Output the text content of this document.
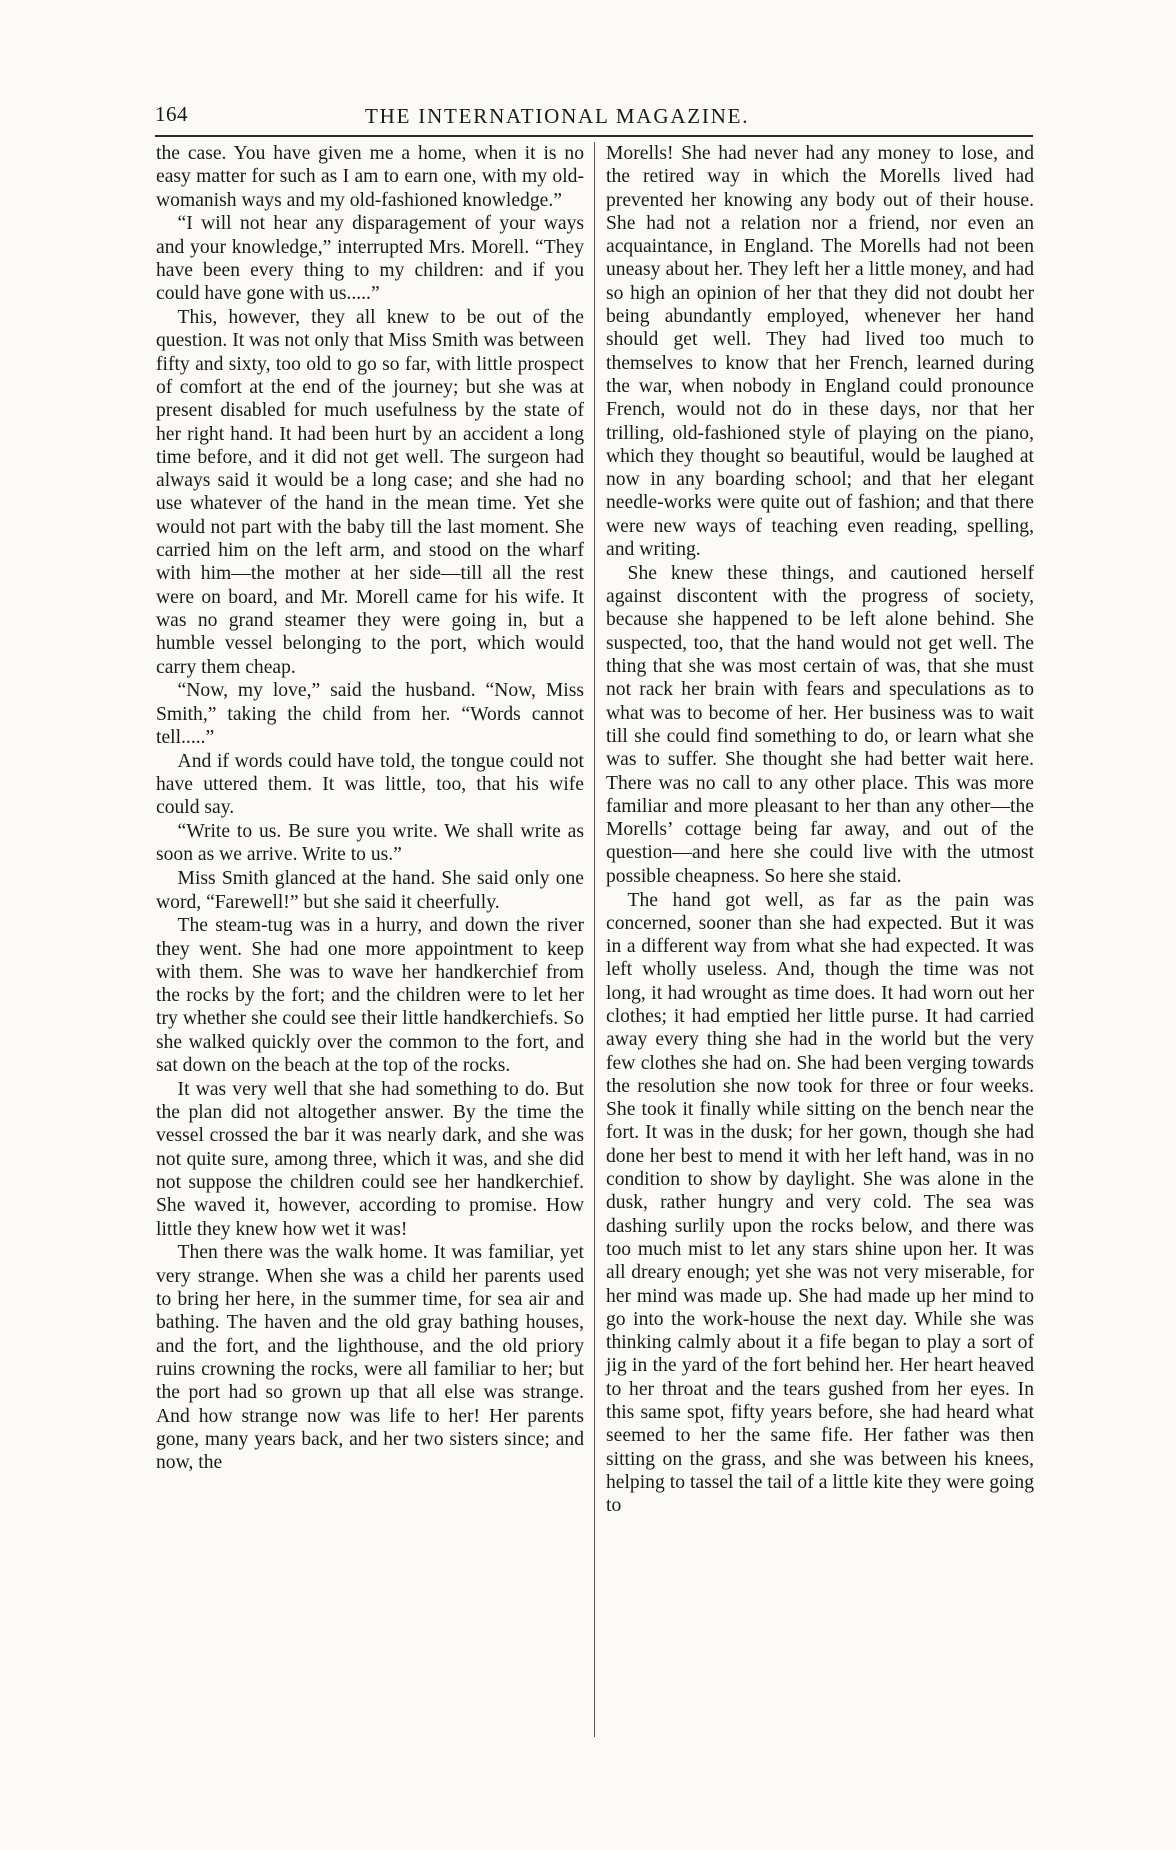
164	THE INTERNATIONAL MAGAZINE.

the case. You have given me a home, when it is no easy matter for such as I am to earn one, with my old-womanish ways and my old-fashioned knowledge.”

“I will not hear any disparagement of your ways and your knowledge,” interrupted Mrs. Morell. “They have been every thing to my children: and if you could have gone with us.....”

This, however, they all knew to be out of the question. It was not only that Miss Smith was between fifty and sixty, too old to go so far, with little prospect of comfort at the end of the journey; but she was at present disabled for much usefulness by the state of her right hand. It had been hurt by an accident a long time before, and it did not get well. The surgeon had always said it would be a long case; and she had no use whatever of the hand in the mean time. Yet she would not part with the baby till the last moment. She carried him on the left arm, and stood on the wharf with him—the mother at her side—till all the rest were on board, and Mr. Morell came for his wife. It was no grand steamer they were going in, but a humble vessel belonging to the port, which would carry them cheap.

“Now, my love,” said the husband. “Now, Miss Smith,” taking the child from her. “Words cannot tell.....”

And if words could have told, the tongue could not have uttered them. It was little, too, that his wife could say.

“Write to us. Be sure you write. We shall write as soon as we arrive. Write to us.”

Miss Smith glanced at the hand. She said only one word, “Farewell!” but she said it cheerfully.

The steam-tug was in a hurry, and down the river they went. She had one more appointment to keep with them. She was to wave her handkerchief from the rocks by the fort; and the children were to let her try whether she could see their little handkerchiefs. So she walked quickly over the common to the fort, and sat down on the beach at the top of the rocks.

It was very well that she had something to do. But the plan did not altogether answer. By the time the vessel crossed the bar it was nearly dark, and she was not quite sure, among three, which it was, and she did not suppose the children could see her handkerchief. She waved it, however, according to promise. How little they knew how wet it was!

Then there was the walk home. It was familiar, yet very strange. When she was a child her parents used to bring her here, in the summer time, for sea air and bathing. The haven and the old gray bathing houses, and the fort, and the lighthouse, and the old priory ruins crowning the rocks, were all familiar to her; but the port had so grown up that all else was strange. And how strange now was life to her! Her parents gone, many years back, and her two sisters since; and now, the

Morells! She had never had any money to lose, and the retired way in which the Morells lived had prevented her knowing any body out of their house. She had not a relation nor a friend, nor even an acquaintance, in England. The Morells had not been uneasy about her. They left her a little money, and had so high an opinion of her that they did not doubt her being abundantly employed, whenever her hand should get well. They had lived too much to themselves to know that her French, learned during the war, when nobody in England could pronounce French, would not do in these days, nor that her trilling, old-fashioned style of playing on the piano, which they thought so beautiful, would be laughed at now in any boarding school; and that her elegant needle-works were quite out of fashion; and that there were new ways of teaching even reading, spelling, and writing.

She knew these things, and cautioned herself against discontent with the progress of society, because she happened to be left alone behind. She suspected, too, that the hand would not get well. The thing that she was most certain of was, that she must not rack her brain with fears and speculations as to what was to become of her. Her business was to wait till she could find something to do, or learn what she was to suffer. She thought she had better wait here. There was no call to any other place. This was more familiar and more pleasant to her than any other—the Morells’ cottage being far away, and out of the question—and here she could live with the utmost possible cheapness. So here she staid.

The hand got well, as far as the pain was concerned, sooner than she had expected. But it was in a different way from what she had expected. It was left wholly useless. And, though the time was not long, it had wrought as time does. It had worn out her clothes; it had emptied her little purse. It had carried away every thing she had in the world but the very few clothes she had on. She had been verging towards the resolution she now took for three or four weeks. She took it finally while sitting on the bench near the fort. It was in the dusk; for her gown, though she had done her best to mend it with her left hand, was in no condition to show by daylight. She was alone in the dusk, rather hungry and very cold. The sea was dashing surlily upon the rocks below, and there was too much mist to let any stars shine upon her. It was all dreary enough; yet she was not very miserable, for her mind was made up. She had made up her mind to go into the work-house the next day. While she was thinking calmly about it a fife began to play a sort of jig in the yard of the fort behind her. Her heart heaved to her throat and the tears gushed from her eyes. In this same spot, fifty years before, she had heard what seemed to her the same fife. Her father was then sitting on the grass, and she was between his knees, helping to tassel the tail of a little kite they were going to
